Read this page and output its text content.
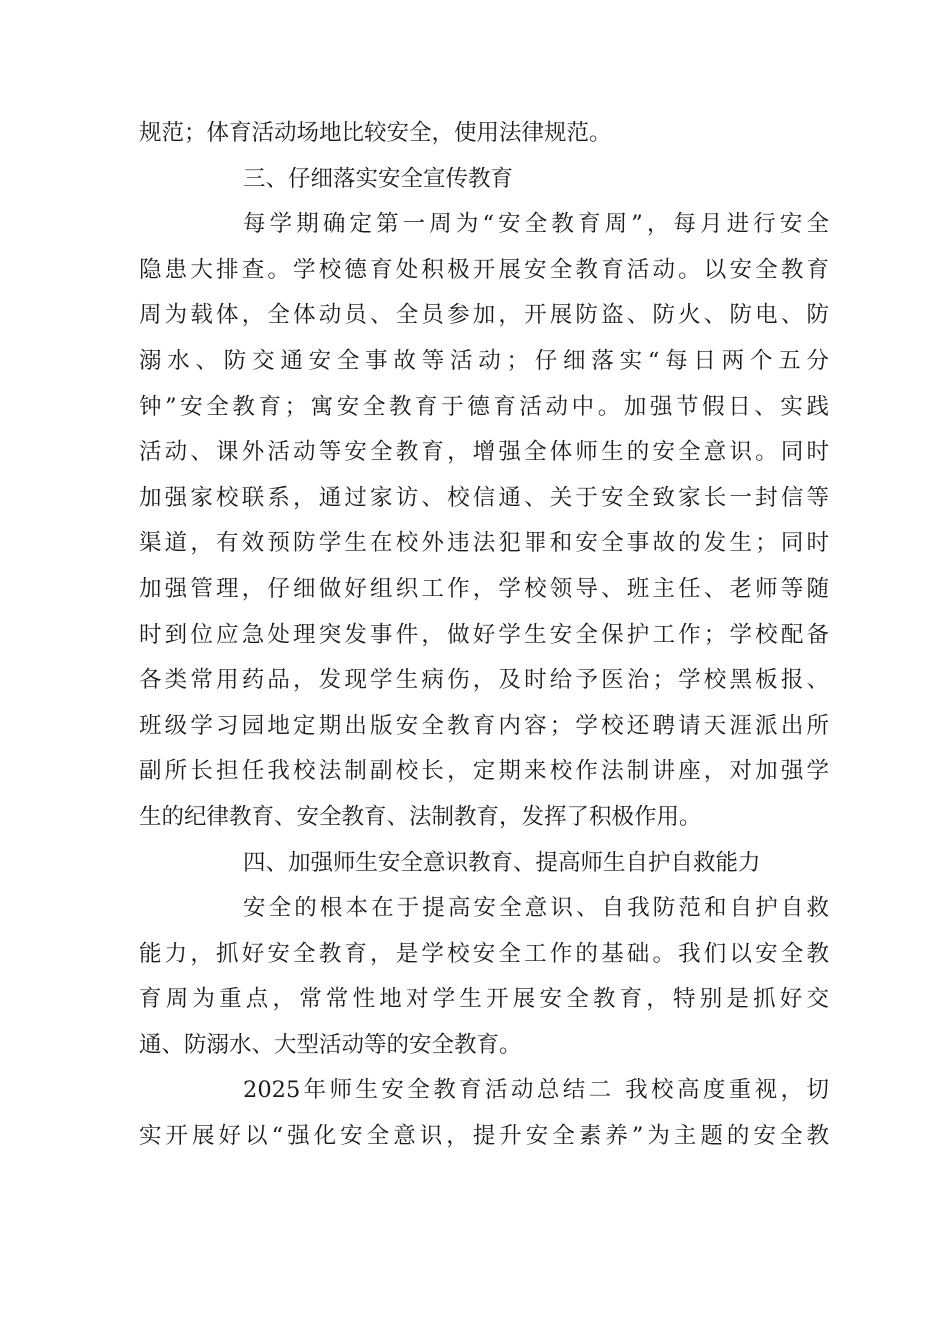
规范；体育活动场地比较安全，使用法律规范。
三、仔细落实安全宣传教育
每学期确定第一周为“安全教育周”，每月进行安全
隐患大排查。学校德育处积极开展安全教育活动。以安全教育
周为载体，全体动员、全员参加，开展防盗、防火、防电、防
溺水、防交通安全事故等活动；仔细落实“每日两个五分
钟”安全教育；寓安全教育于德育活动中。加强节假日、实践
活动、课外活动等安全教育，增强全体师生的安全意识。同时
加强家校联系，通过家访、校信通、关于安全致家长一封信等
渠道，有效预防学生在校外违法犯罪和安全事故的发生；同时
加强管理，仔细做好组织工作，学校领导、班主任、老师等随
时到位应急处理突发事件，做好学生安全保护工作；学校配备
各类常用药品，发现学生病伤，及时给予医治；学校黑板报、
班级学习园地定期出版安全教育内容；学校还聘请天涯派出所
副所长担任我校法制副校长，定期来校作法制讲座，对加强学
生的纪律教育、安全教育、法制教育，发挥了积极作用。
四、加强师生安全意识教育、提高师生自护自救能力
安全的根本在于提高安全意识、自我防范和自护自救
能力，抓好安全教育，是学校安全工作的基础。我们以安全教
育周为重点，常常性地对学生开展安全教育，特别是抓好交
通、防溺水、大型活动等的安全教育。
2025年师生安全教育活动总结二 我校高度重视，切
实开展好以“强化安全意识，提升安全素养”为主题的安全教
